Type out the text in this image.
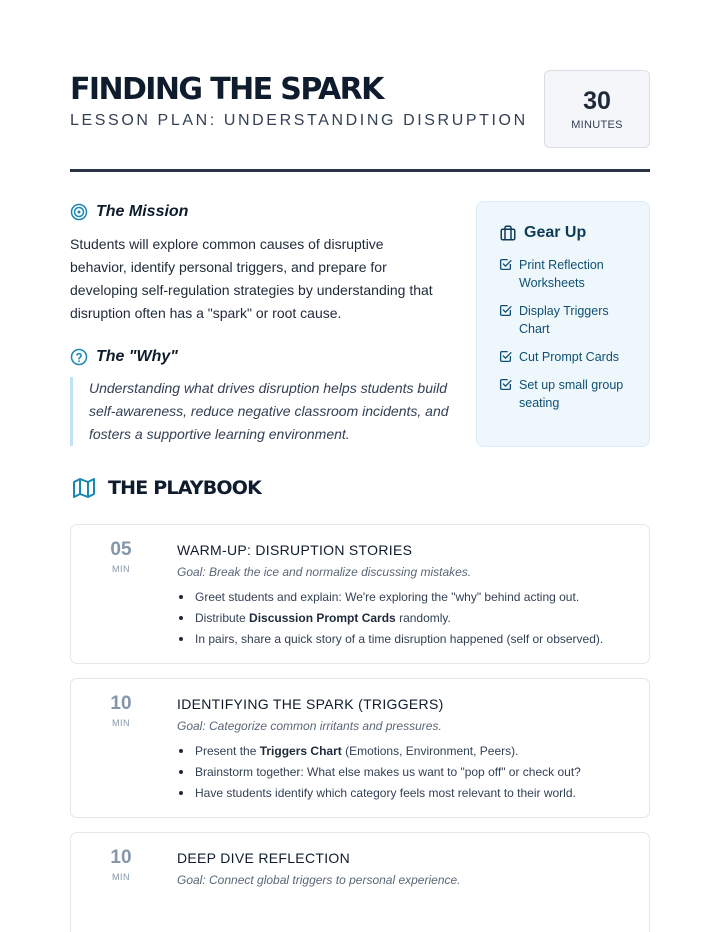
FINDING THE SPARK
LESSON PLAN: UNDERSTANDING DISRUPTION
30
MINUTES
The Mission

Students will explore common causes of disruptive behavior, identify personal triggers, and prepare for developing self-regulation strategies by understanding that disruption often has a "spark" or root cause.

The "Why"
Understanding what drives disruption helps students build self-awareness, reduce negative classroom incidents, and fosters a supportive learning environment.
Gear Up
Print Reflection Worksheets
Display Triggers Chart
Cut Prompt Cards
Set up small group seating
THE PLAYBOOK
05
MIN
WARM-UP: DISRUPTION STORIES

Goal: Break the ice and normalize discussing mistakes.

Greet students and explain: We're exploring the "why" behind acting out.
Distribute Discussion Prompt Cards randomly.
In pairs, share a quick story of a time disruption happened (self or observed).
10
MIN
IDENTIFYING THE SPARK (TRIGGERS)

Goal: Categorize common irritants and pressures.

Present the Triggers Chart (Emotions, Environment, Peers).
Brainstorm together: What else makes us want to "pop off" or check out?
Have students identify which category feels most relevant to their world.
10
MIN
DEEP DIVE REFLECTION

Goal: Connect global triggers to personal experience.
